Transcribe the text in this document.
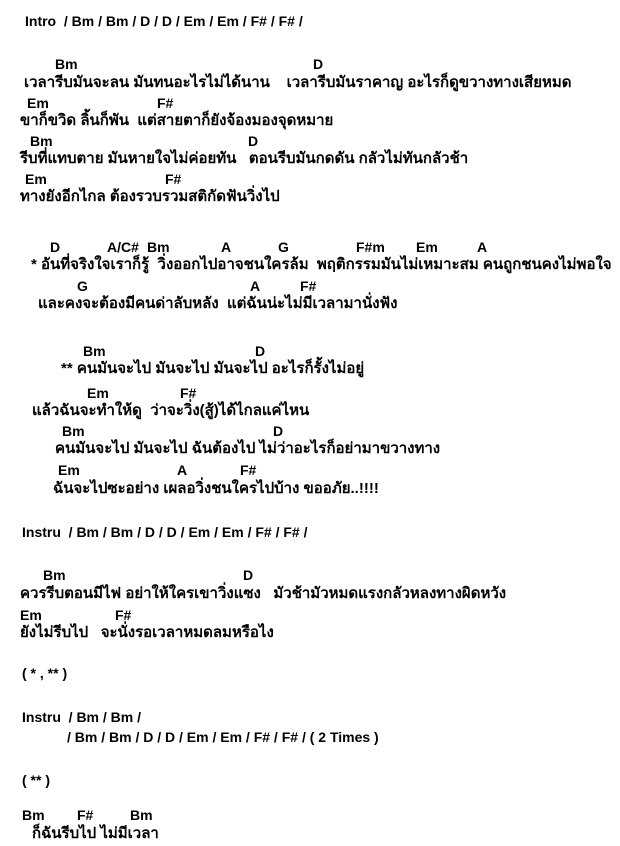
Intro  / Bm / Bm / D / D / Em / Em / F# / F# /
Bm	D
เวลารีบมันจะลน มันทนอะไรไม่ได้นาน    เวลารีบมันราคาญ อะไรก็ดูขวางทางเสียหมด
Em	F#
ขาก็ขวิด ลิ้นก็พัน  แต่สายตาก็ยังจ้องมองจุดหมาย
Bm	D
รีบที่แทบตาย มันหายใจไม่ค่อยทัน   ตอนรีบมันกดดัน กลัวไม่ทันกลัวช้า
Em	F#
ทางยังอีกไกล ต้องรวบรวมสติกัดฟันวิ่งไป
D	A/C# Bm	A	G	F#m Em	A
* อันที่จริงใจเราก็รู้  วิ่งออกไปอาจชนใครล้ม  พฤติกรรมมันไม่เหมาะสม คนถูกชนคงไม่พอใจ
G	A	F#
และคงจะต้องมีคนด่าลับหลัง  แต่ฉันน่ะไม่มีเวลามานั่งฟัง
Bm	D
** คนมันจะไป มันจะไป มันจะไป อะไรก็รั้งไม่อยู่
Em	F#
แล้วฉันจะทำให้ดู  ว่าจะวิ่ง(สู้)ได้ไกลแค่ไหน
Bm	D
คนมันจะไป มันจะไป ฉันต้องไป ไม่ว่าอะไรก็อย่ามาขวางทาง
Em	A	F#
ฉันจะไปซะอย่าง เผลอวิ่งชนใครไปบ้าง ขออภัย..!!!!
Instru  / Bm / Bm / D / D / Em / Em / F# / F# /
Bm	D
ควรรีบตอนมีไฟ อย่าให้ใครเขาวิ่งแซง   มัวช้ามัวหมดแรงกลัวหลงทางผิดหวัง
Em	F#
ยังไม่รีบไป   จะนั่งรอเวลาหมดลมหรือไง
( * , ** )
Instru  / Bm / Bm /
/ Bm / Bm / D / D / Em / Em / F# / F# / ( 2 Times )
( ** )
Bm F#	Bm
ก็ฉันรีบไป ไม่มีเวลา
